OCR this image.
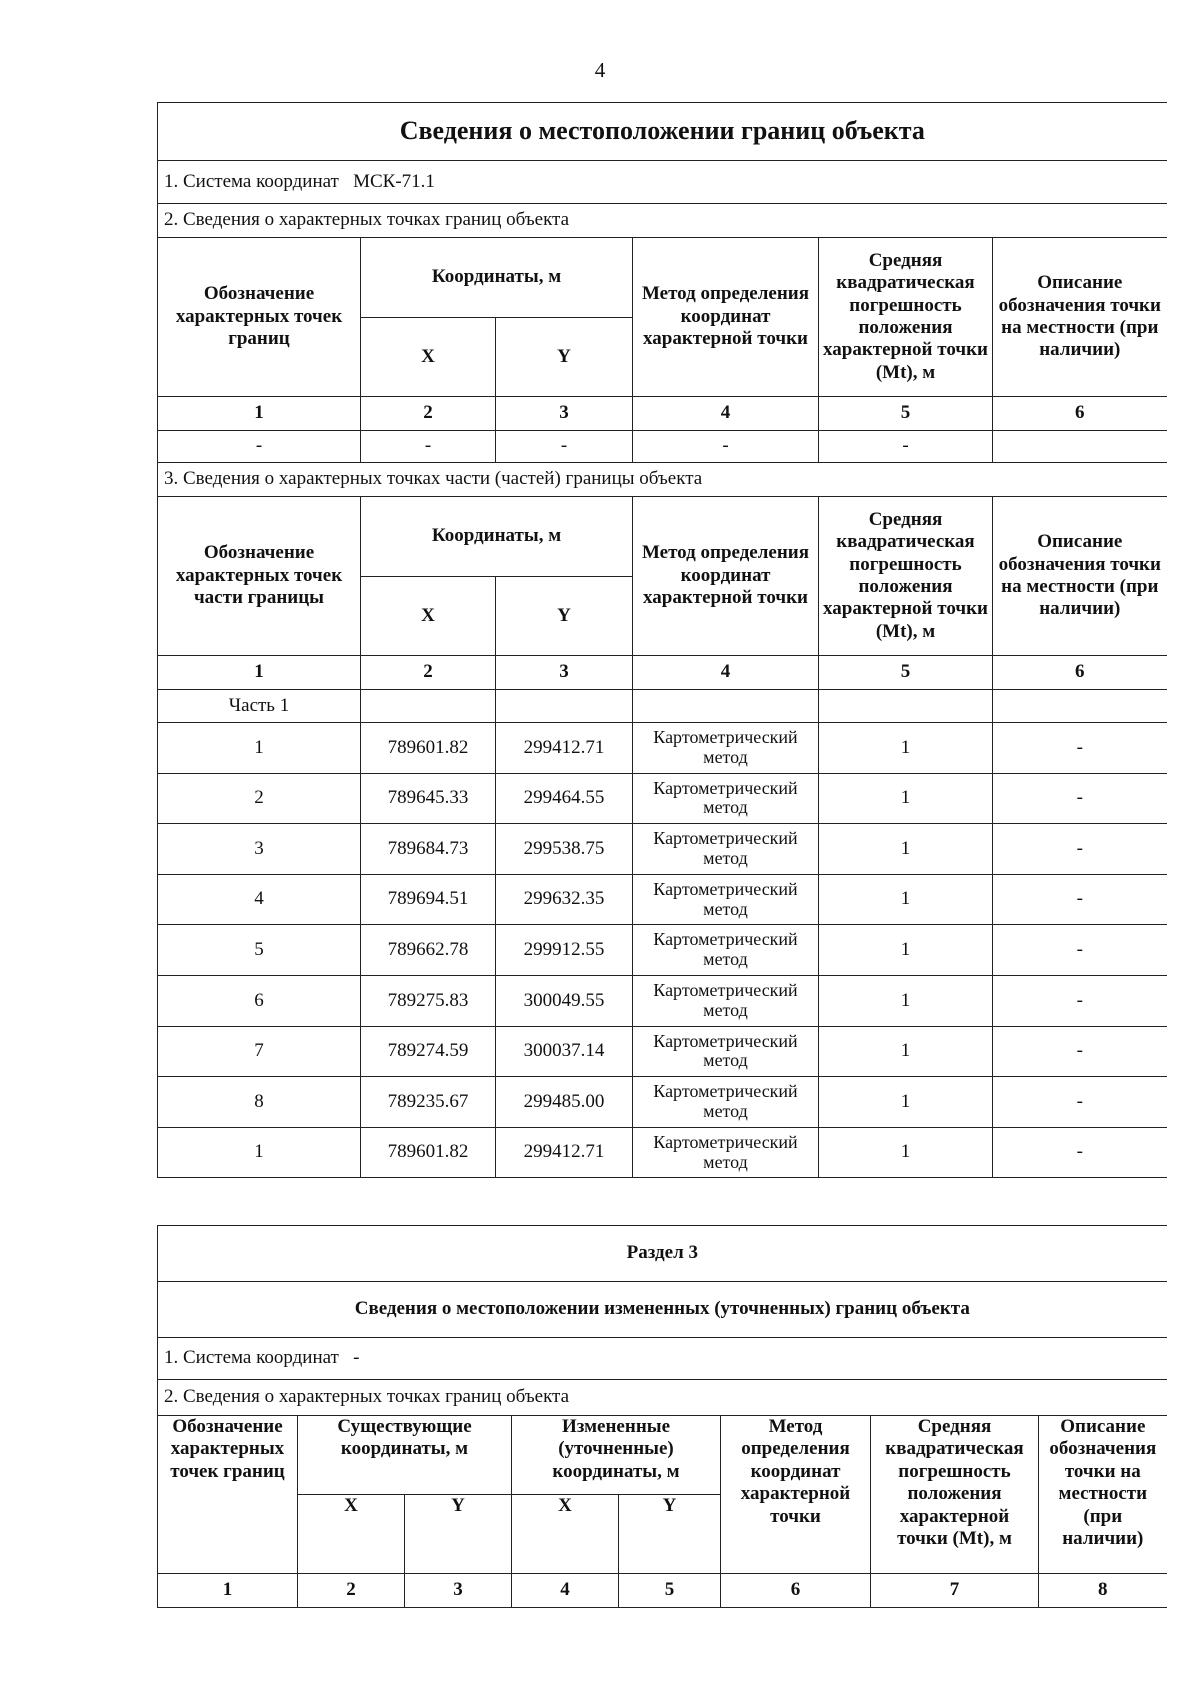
4
Сведения о местоположении границ объекта					
1. Система координат МСК-71.1					
2. Сведения о характерных точках границ объекта					
Обозначение характерных точек границ	Координаты, м		Метод определения координат характерной точки	Средняя квадратическая погрешность положения характерной точки (Mt), м	Описание обозначения точки на местности (при наличии)
	X	Y			
1	2	3	4	5	6
-	-	-	-	-	
3. Сведения о характерных точках части (частей) границы объекта					
Обозначение характерных точек части границы	Координаты, м		Метод определения координат характерной точки	Средняя квадратическая погрешность положения характерной точки (Mt), м	Описание обозначения точки на местности (при наличии)
	X	Y			
1	2	3	4	5	6
Часть 1					
1	789601.82	299412.71	Картометрический метод	1	-
2	789645.33	299464.55	Картометрический метод	1	-
3	789684.73	299538.75	Картометрический метод	1	-
4	789694.51	299632.35	Картометрический метод	1	-
5	789662.78	299912.55	Картометрический метод	1	-
6	789275.83	300049.55	Картометрический метод	1	-
7	789274.59	300037.14	Картометрический метод	1	-
8	789235.67	299485.00	Картометрический метод	1	-
1	789601.82	299412.71	Картометрический метод	1	-
Раздел 3							
Сведения о местоположении измененных (уточненных) границ объекта							
1. Система координат -							
2. Сведения о характерных точках границ объекта							
Обозначение характерных точек границ	Существующие координаты, м		Измененные (уточненные) координаты, м		Метод определения координат характерной точки	Средняя квадратическая погрешность положения характерной точки (Mt), м	Описание обозначения точки на местности (при наличии)
	X	Y	X	Y			
1	2	3	4	5	6	7	8
